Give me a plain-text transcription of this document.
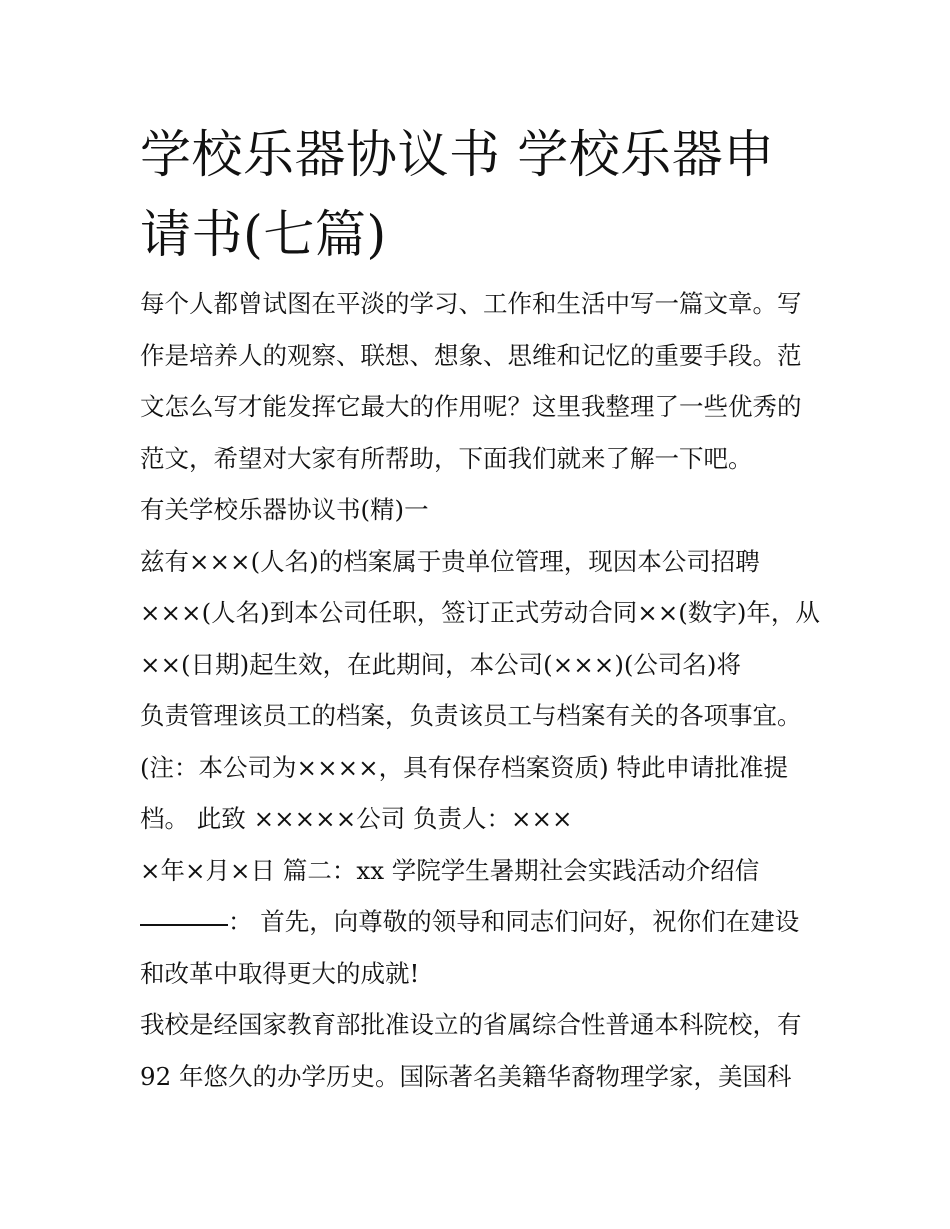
学校乐器协议书 学校乐器申请书(七篇)
每个人都曾试图在平淡的学习、工作和生活中写一篇文章。写
作是培养人的观察、联想、想象、思维和记忆的重要手段。范
文怎么写才能发挥它最大的作用呢？这里我整理了一些优秀的
范文，希望对大家有所帮助，下面我们就来了解一下吧。
有关学校乐器协议书(精)一
兹有×××(人名)的档案属于贵单位管理，现因本公司招聘
×××(人名)到本公司任职，签订正式劳动合同××(数字)年，从
××(日期)起生效，在此期间，本公司(×××)(公司名)将
负责管理该员工的档案，负责该员工与档案有关的各项事宜。
(注：本公司为××××，具有保存档案资质) 特此申请批准提
档。 此致 ×××××公司 负责人：×××
×年×月×日 篇二：xx 学院学生暑期社会实践活动介绍信
： 首先，向尊敬的领导和同志们问好，祝你们在建设
和改革中取得更大的成就!
我校是经国家教育部批准设立的省属综合性普通本科院校，有
92 年悠久的办学历史。国际著名美籍华裔物理学家，美国科
